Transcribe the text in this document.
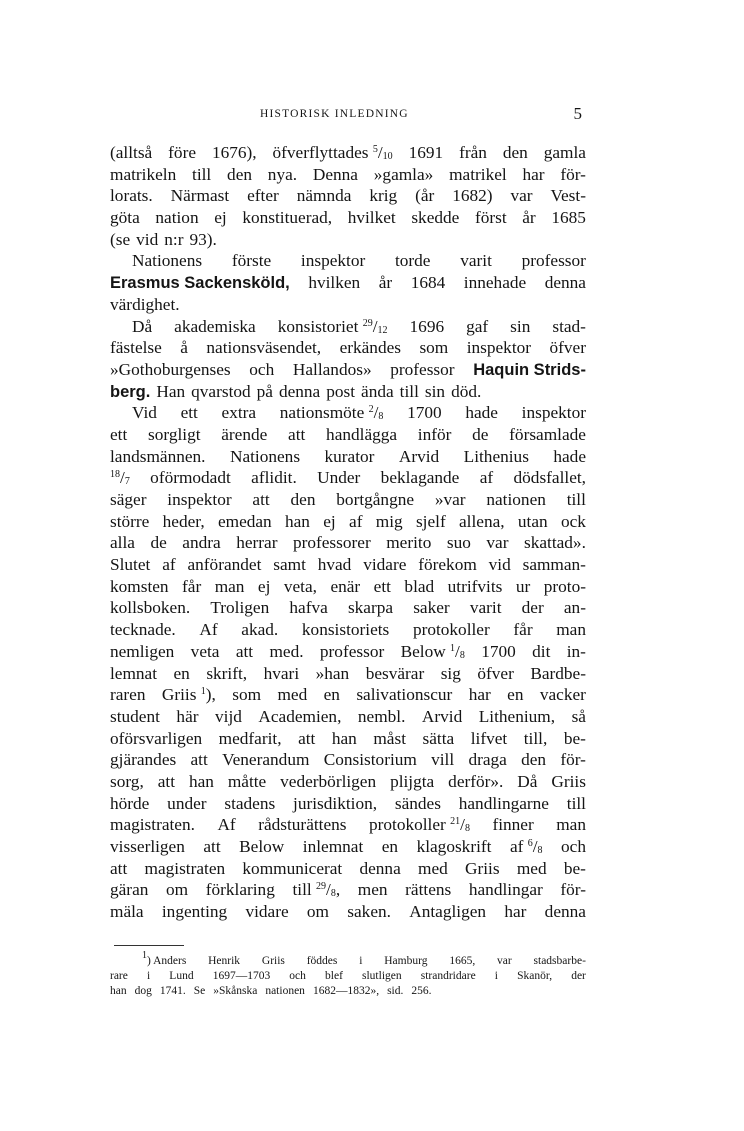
HISTORISK INLEDNING	5
(alltså före 1676), öfverflyttades $^5/_{10}$ 1691 från den gamla
matrikeln till den nya. Denna »gamla» matrikel har för-
lorats. Närmast efter nämnda krig (år 1682) var Vest-
göta nation ej konstituerad, hvilket skedde först år 1685
(se vid n:r 93).
Nationens förste inspektor torde varit professor
Erasmus Sackensköld, hvilken år 1684 innehade denna
värdighet.
Då akademiska konsistoriet $^{29}/_{12}$ 1696 gaf sin stad-
fästelse å nationsväsendet, erkändes som inspektor öfver
»Gothoburgenses och Hallandos» professor Haquin Strids-
berg. Han qvarstod på denna post ända till sin död.
Vid ett extra nationsmöte $^2/_8$ 1700 hade inspektor
ett sorgligt ärende att handlägga inför de församlade
landsmännen. Nationens kurator Arvid Lithenius hade
$^{18}/_7$ oförmodadt aflidit. Under beklagande af dödsfallet,
säger inspektor att den bortgångne »var nationen till
större heder, emedan han ej af mig sjelf allena, utan ock
alla de andra herrar professorer merito suo var skattad».
Slutet af anförandet samt hvad vidare förekom vid samman-
komsten får man ej veta, enär ett blad utrifvits ur proto-
kollsboken. Troligen hafva skarpa saker varit der an-
tecknade. Af akad. konsistoriets protokoller får man
nemligen veta att med. professor Below $^1/_8$ 1700 dit in-
lemnat en skrift, hvari »han besvärar sig öfver Bardbe-
raren Griis $^1$), som med en salivationscur har en vacker
student här vijd Academien, nembl. Arvid Lithenium, så
oförsvarligen medfarit, att han måst sätta lifvet till, be-
gjärandes att Venerandum Consistorium vill draga den för-
sorg, att han måtte vederbörligen plijgta derför». Då Griis
hörde under stadens jurisdiktion, sändes handlingarne till
magistraten. Af rådsturättens protokoller $^{21}/_8$ finner man
visserligen att Below inlemnat en klagoskrift af $^6/_8$ och
att magistraten kommunicerat denna med Griis med be-
gäran om förklaring till $^{29}/_8$, men rättens handlingar för-
mäla ingenting vidare om saken. Antagligen har denna
$^1$) Anders Henrik Griis föddes i Hamburg 1665, var stadsbarbe-
rare i Lund 1697—1703 och blef slutligen strandridare i Skanör, der
han dog 1741. Se »Skånska nationen 1682—1832», sid. 256.
